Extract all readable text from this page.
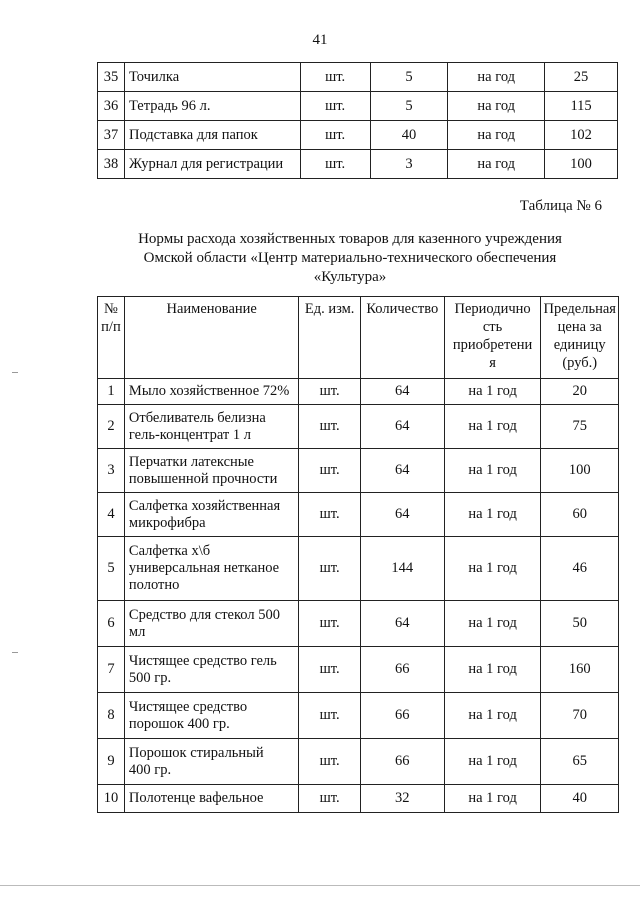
41
35	Точилка	шт.	5	на год	25
36	Тетрадь 96 л.	шт.	5	на год	115
37	Подставка для папок	шт.	40	на год	102
38	Журнал для регистрации	шт.	3	на год	100
Таблица № 6
Нормы расхода хозяйственных товаров для казенного учреждения
Омской области «Центр материально-технического обеспечения
«Культура»
№
п/п	Наименование	Ед. изм.	Количество	Периодично
сть
приобретени
я	Предельная
цена за
единицу
(руб.)
1	Мыло хозяйственное 72%	шт.	64	на 1 год	20
2	Отбеливатель белизна
гель-концентрат 1 л	шт.	64	на 1 год	75
3	Перчатки латексные
повышенной прочности	шт.	64	на 1 год	100
4	Салфетка хозяйственная
микрофибра	шт.	64	на 1 год	60
5	Салфетка х\б
универсальная нетканое
полотно	шт.	144	на 1 год	46
6	Средство для стекол 500
мл	шт.	64	на 1 год	50
7	Чистящее средство гель
500 гр.	шт.	66	на 1 год	160
8	Чистящее средство
порошок 400 гр.	шт.	66	на 1 год	70
9	Порошок стиральный
400 гр.	шт.	66	на 1 год	65
10	Полотенце вафельное	шт.	32	на 1 год	40
